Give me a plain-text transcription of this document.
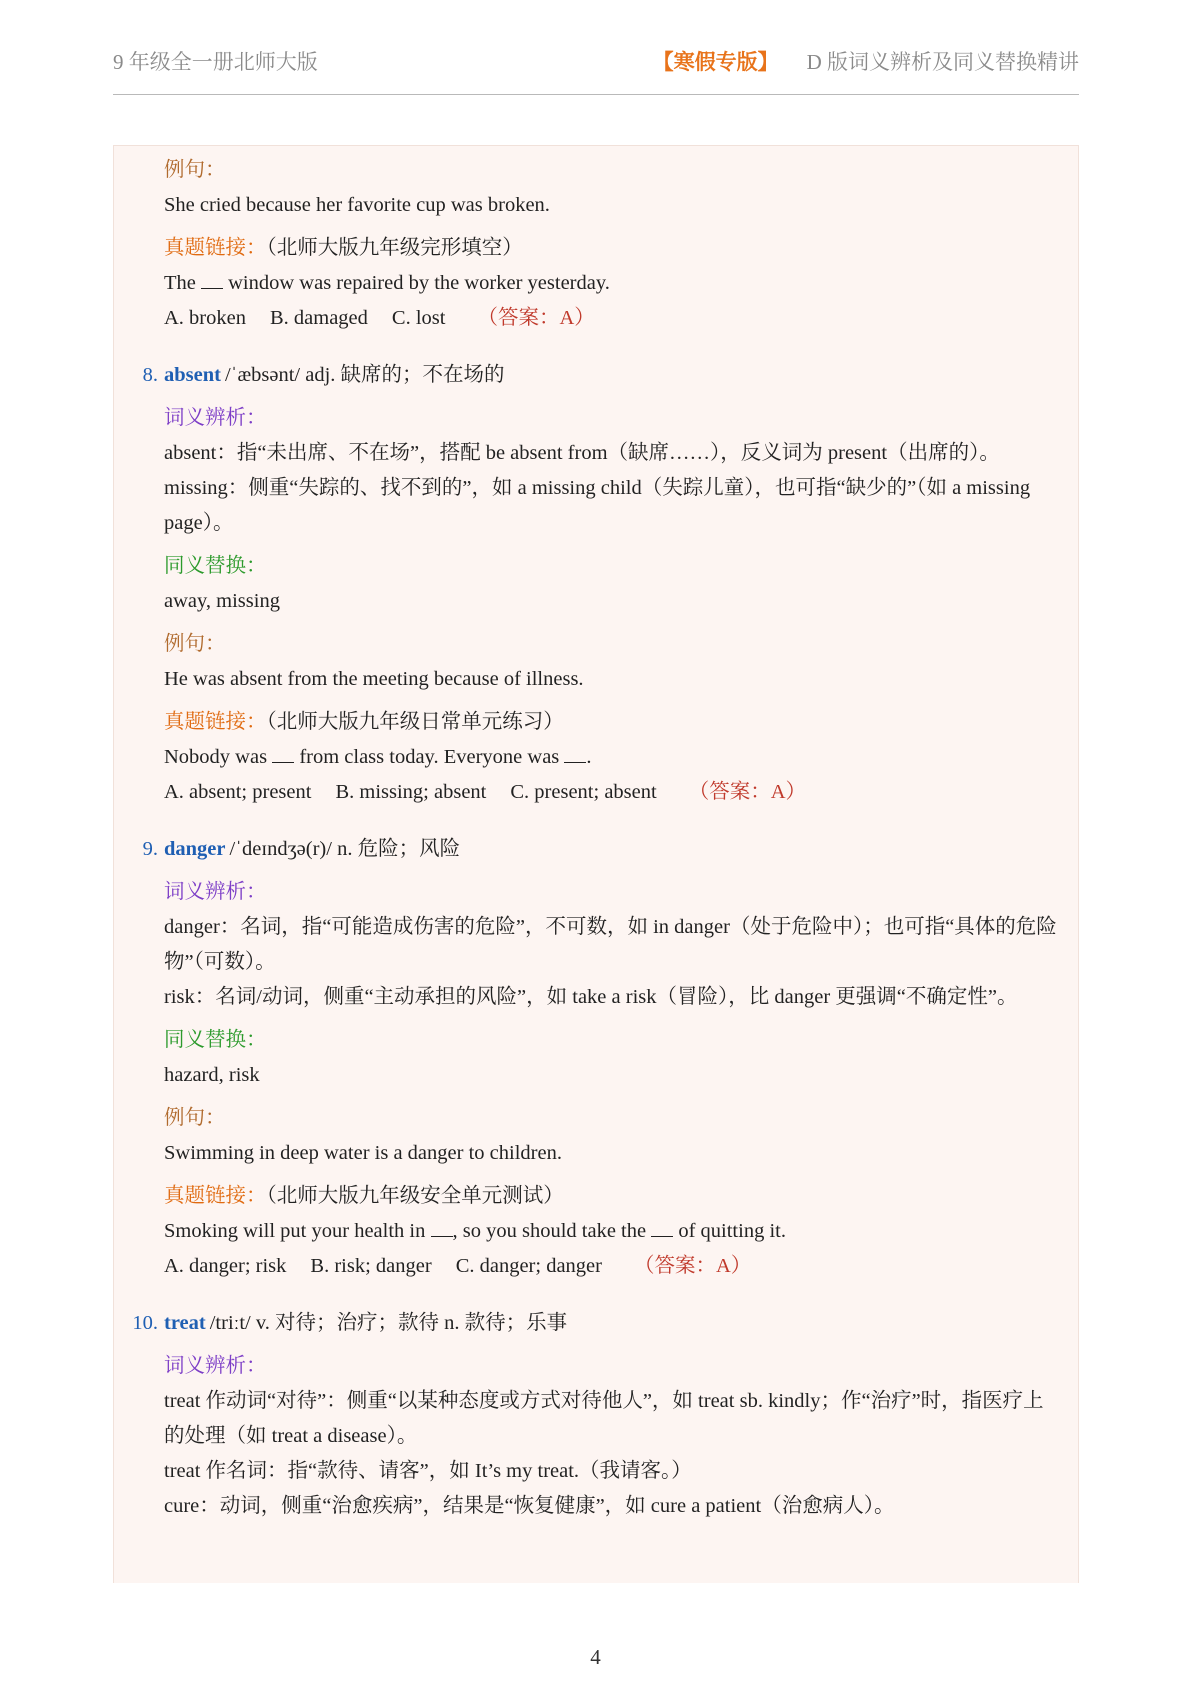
9 年级全一册北师大版	【寒假专版】 D 版词义辨析及同义替换精讲
例句：
She cried because her favorite cup was broken.
真题链接：（北师大版九年级完形填空）
The  window was repaired by the worker yesterday.
A. broken B. damaged C. lost （答案：A）
8. absent /ˈæbsənt/ adj. 缺席的；不在场的
词义辨析：
absent：指“未出席、不在场”，搭配 be absent from（缺席……），反义词为 present（出席的）。
missing：侧重“失踪的、找不到的”，如 a missing child（失踪儿童），也可指“缺少的”（如 a missing page）。
同义替换：
away, missing
例句：
He was absent from the meeting because of illness.
真题链接：（北师大版九年级日常单元练习）
Nobody was  from class today. Everyone was .
A. absent; present B. missing; absent C. present; absent （答案：A）
9. danger /ˈdeɪndʒə(r)/ n. 危险；风险
词义辨析：
danger：名词，指“可能造成伤害的危险”，不可数，如 in danger（处于危险中）；也可指“具体的危险物”（可数）。
risk：名词/动词，侧重“主动承担的风险”，如 take a risk（冒险），比 danger 更强调“不确定性”。
同义替换：
hazard, risk
例句：
Swimming in deep water is a danger to children.
真题链接：（北师大版九年级安全单元测试）
Smoking will put your health in , so you should take the  of quitting it.
A. danger; risk B. risk; danger C. danger; danger （答案：A）
10. treat /triːt/ v. 对待；治疗；款待 n. 款待；乐事
词义辨析：
treat 作动词“对待”：侧重“以某种态度或方式对待他人”，如 treat sb. kindly；作“治疗”时，指医疗上的处理（如 treat a disease）。
treat 作名词：指“款待、请客”，如 It’s my treat.（我请客。）
cure：动词，侧重“治愈疾病”，结果是“恢复健康”，如 cure a patient（治愈病人）。
4
